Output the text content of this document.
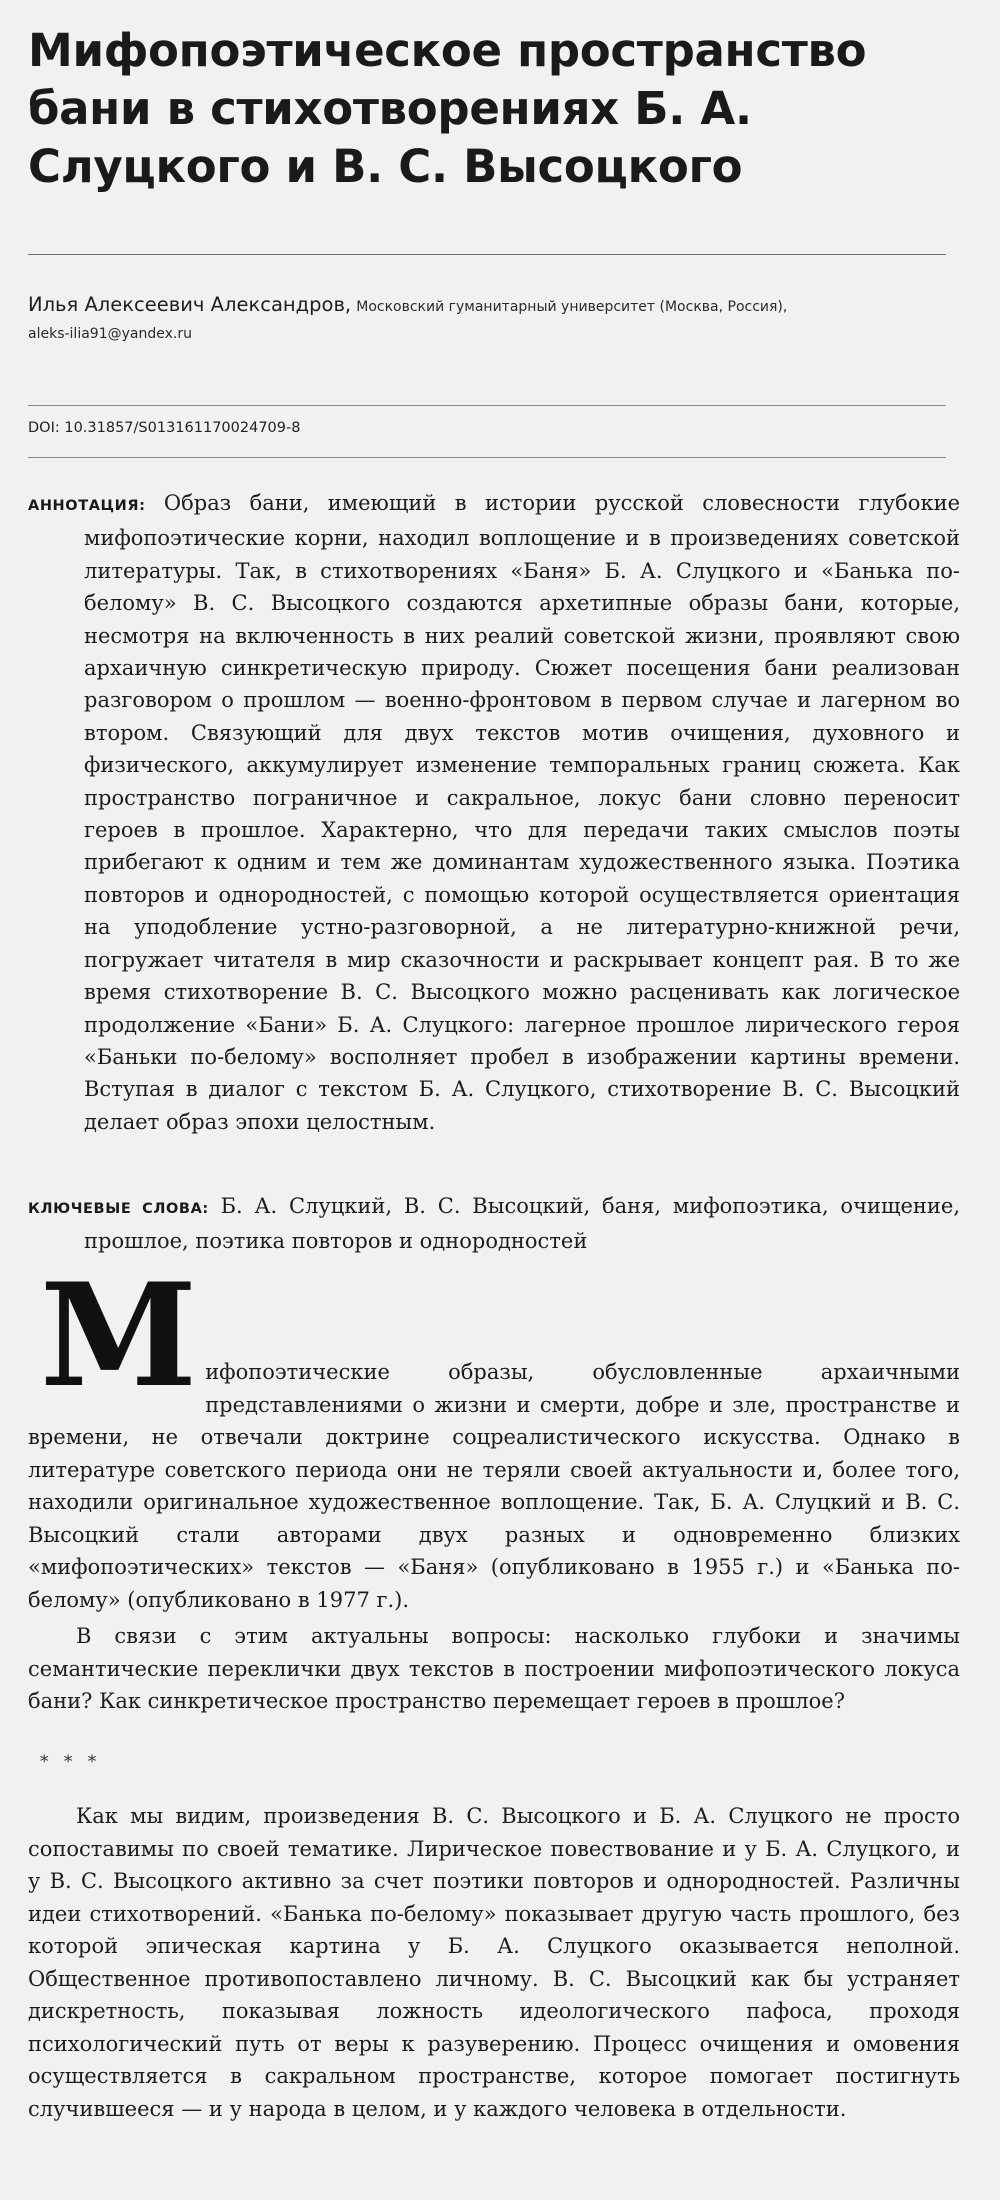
Мифопоэтическое пространство бани в стихотворениях Б. А. Слуцкого и В. С. Высоцкого
Илья Алексеевич Александров, Московский гуманитарный университет (Москва, Россия),
aleks-ilia91@yandex.ru
DOI: 10.31857/S013161170024709-8
АННОТАЦИЯ: Образ бани, имеющий в истории русской словесности глубокие мифопоэтические корни, находил воплощение и в произведениях советской литературы. Так, в стихотворениях «Баня» Б. А. Слуцкого и «Банька по-белому» В. С. Высоцкого создаются архетипные образы бани, которые, несмотря на включенность в них реалий советской жизни, проявляют свою архаичную синкретическую природу. Сюжет посещения бани реализован разговором о прошлом — военно-фронтовом в первом случае и лагерном во втором. Связующий для двух текстов мотив очищения, духовного и физического, аккумулирует изменение темпоральных границ сюжета. Как пространство пограничное и сакральное, локус бани словно переносит героев в прошлое. Характерно, что для передачи таких смыслов поэты прибегают к одним и тем же доминантам художественного языка. Поэтика повторов и однородностей, с помощью которой осуществляется ориентация на уподобление устно-разговорной, а не литературно-книжной речи, погружает читателя в мир сказочности и раскрывает концепт рая. В то же время стихотворение В. С. Высоцкого можно расценивать как логическое продолжение «Бани» Б. А. Слуцкого: лагерное прошлое лирического героя «Баньки по-белому» восполняет пробел в изображении картины времени. Вступая в диалог с текстом Б. А. Слуцкого, стихотворение В. С. Высоцкий делает образ эпохи целостным.
КЛЮЧЕВЫЕ СЛОВА: Б. А. Слуцкий, В. С. Высоцкий, баня, мифопоэтика, очищение, прошлое, поэтика повторов и однородностей
М ифопоэтические образы, обусловленные архаичными представлениями о жизни и смерти, добре и зле, пространстве и времени, не отвечали доктрине соцреалистического искусства. Однако в литературе советского периода они не теряли своей актуальности и, более того, находили оригинальное художественное воплощение. Так, Б. А. Слуцкий и В. С. Высоцкий стали авторами двух разных и одновременно близких «мифопоэтических» текстов — «Баня» (опубликовано в 1955 г.) и «Банька по-белому» (опубликовано в 1977 г.).
В связи с этим актуальны вопросы: насколько глубоки и значимы семантические переклички двух текстов в построении мифопоэтического локуса бани? Как синкретическое пространство перемещает героев в прошлое?
* * *
Как мы видим, произведения В. С. Высоцкого и Б. А. Слуцкого не просто сопоставимы по своей тематике. Лирическое повествование и у Б. А. Слуцкого, и у В. С. Высоцкого активно за счет поэтики повторов и однородностей. Различны идеи стихотворений. «Банька по-белому» показывает другую часть прошлого, без которой эпическая картина у Б. А. Слуцкого оказывается неполной. Общественное противопоставлено личному. В. С. Высоцкий как бы устраняет дискретность, показывая ложность идеологического пафоса, проходя психологический путь от веры к разуверению. Процесс очищения и омовения осуществляется в сакральном пространстве, которое помогает постигнуть случившееся — и у народа в целом, и у каждого человека в отдельности.
